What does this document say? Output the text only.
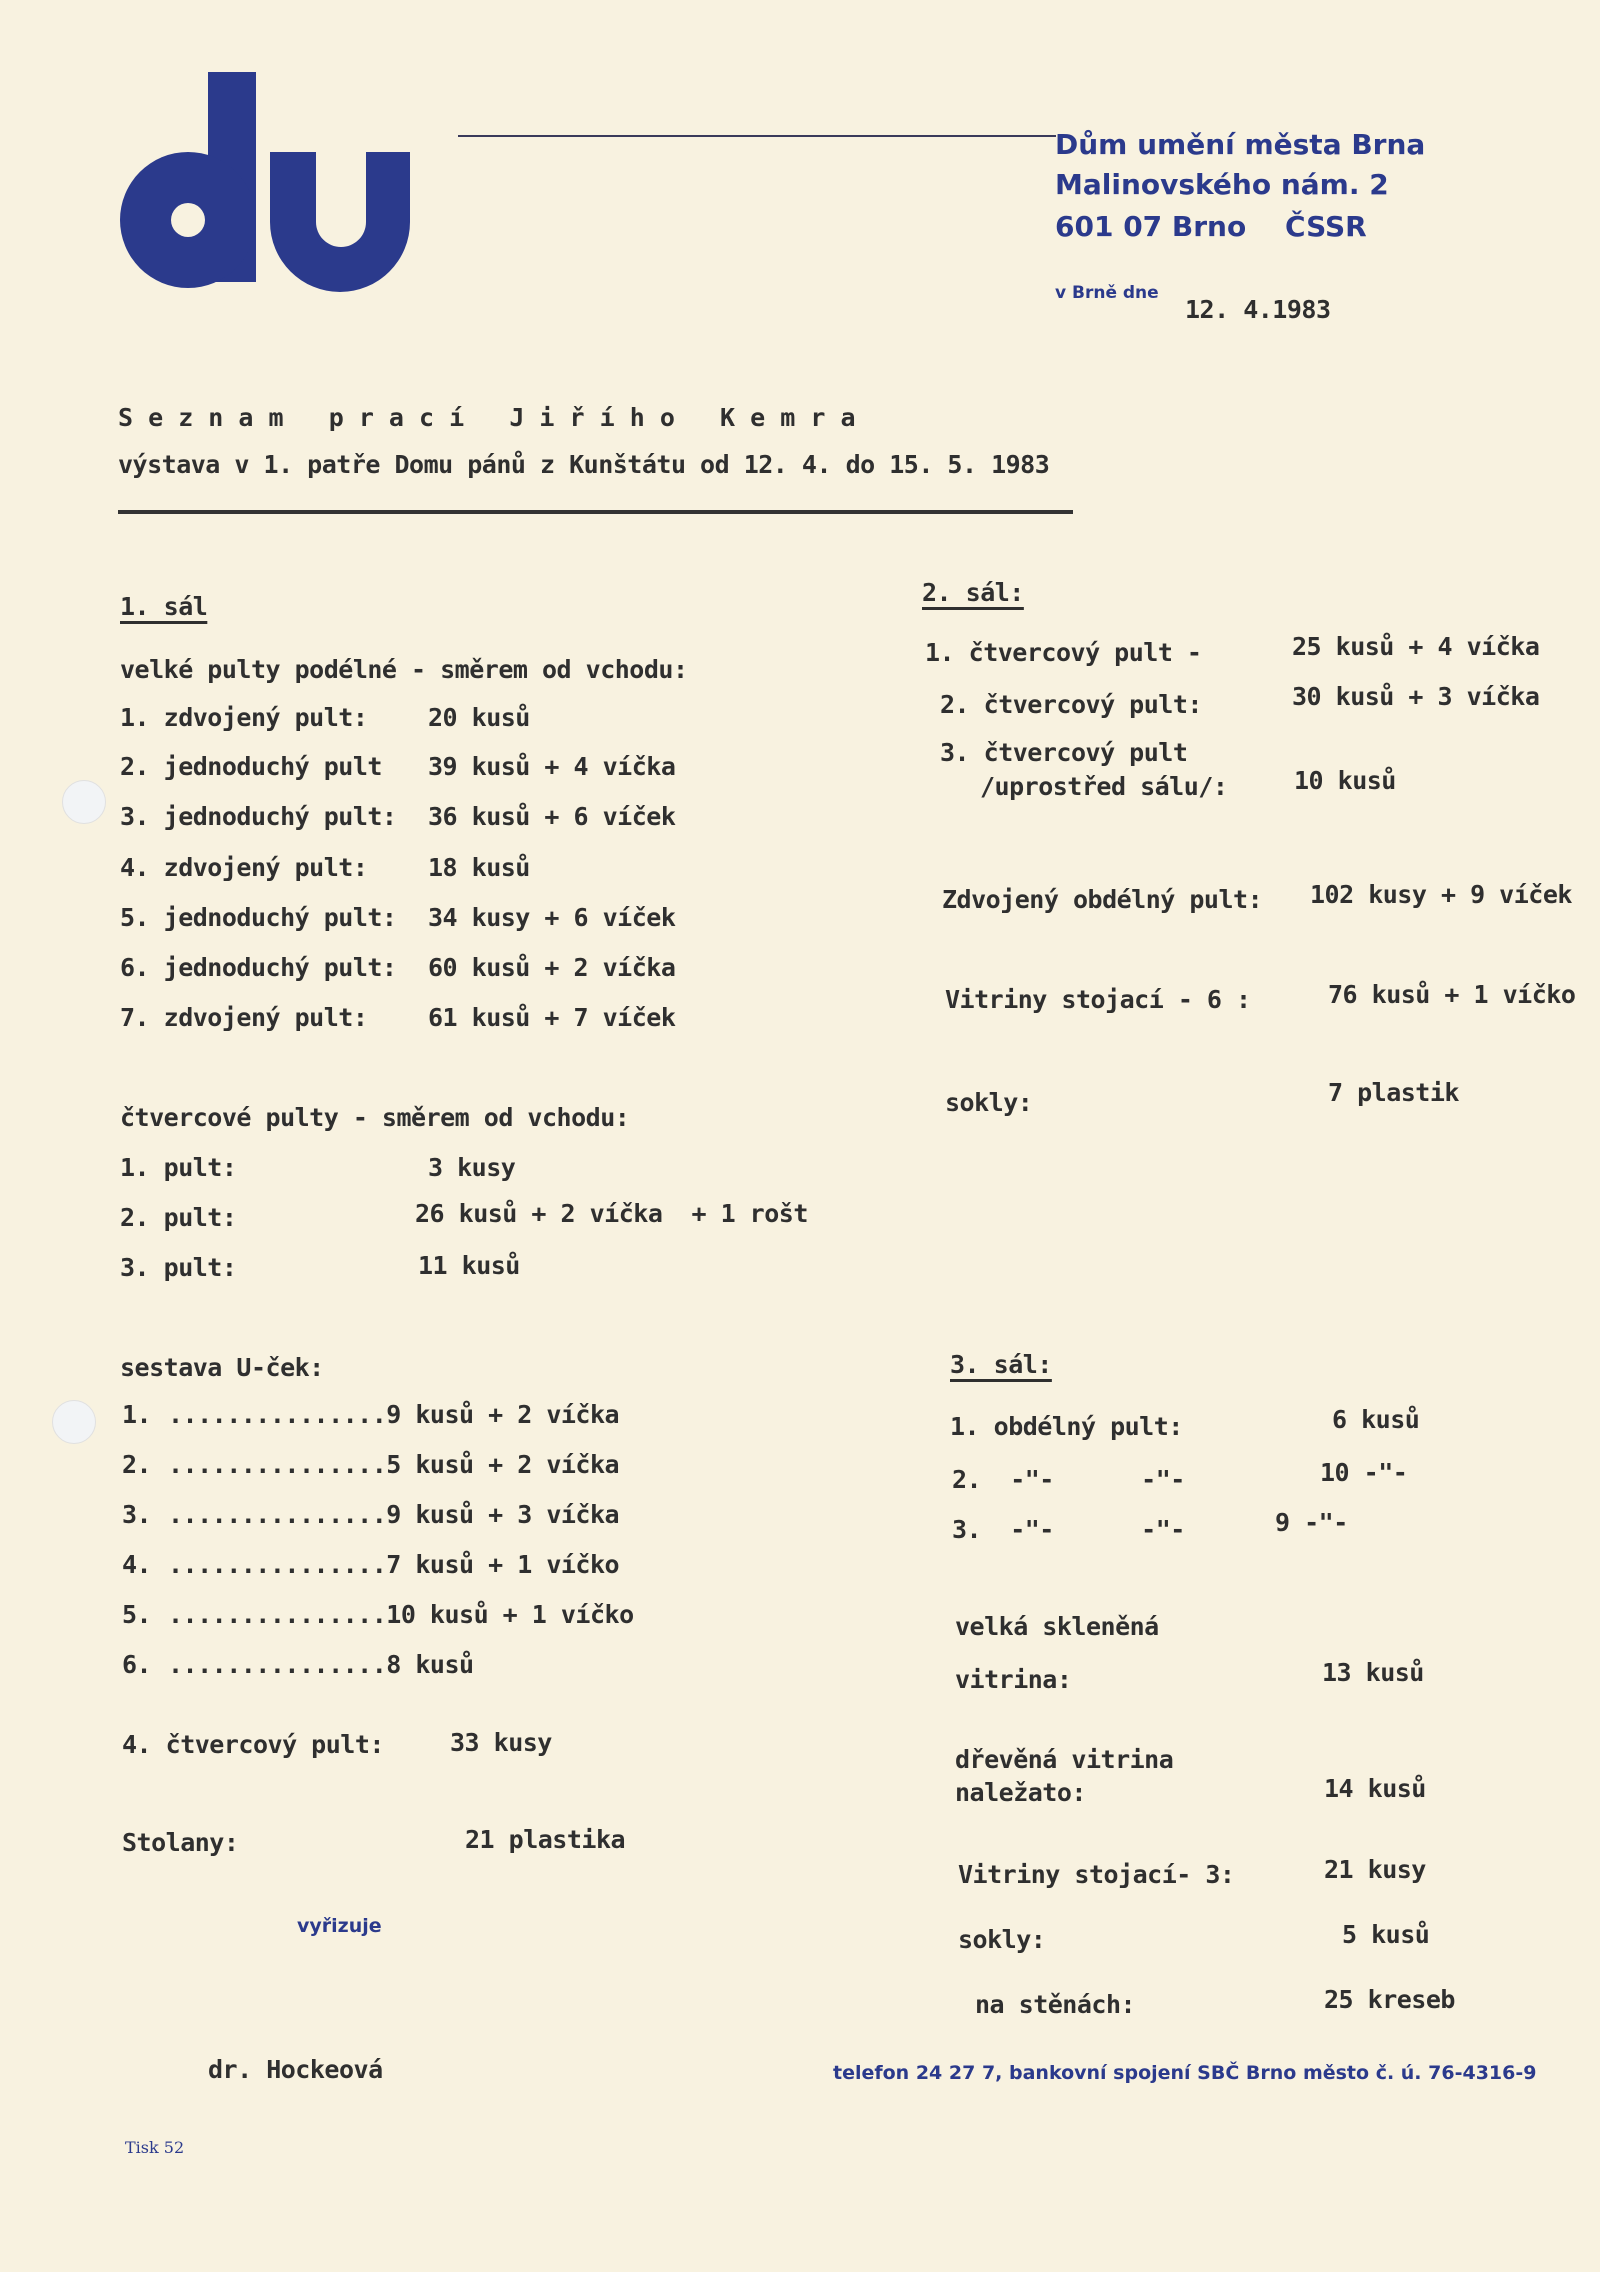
Dům umění města Brna
Malinovského nám. 2
601 07 Brno ČSSR
v Brně dne
12. 4.1983
S e z n a m   p r a c í   J i ř í h o   K e m r a
výstava v 1. patře Domu pánů z Kunštátu od 12. 4. do 15. 5. 1983
1. sál
velké pulty podélné - směrem od vchodu:
1. zdvojený pult: 20 kusů
2. jednoduchý pult 39 kusů + 4 víčka
3. jednoduchý pult: 36 kusů + 6 víček
4. zdvojený pult: 18 kusů
5. jednoduchý pult: 34 kusy + 6 víček
6. jednoduchý pult: 60 kusů + 2 víčka
7. zdvojený pult: 61 kusů + 7 víček
čtvercové pulty - směrem od vchodu:
1. pult:	3 kusy
2. pult:	26 kusů + 2 víčka  + 1 rošt
3. pult:	11 kusů
sestava U-ček:
1. ...............9 kusů + 2 víčka
2. ...............5 kusů + 2 víčka
3. ...............9 kusů + 3 víčka
4. ...............7 kusů + 1 víčko
5. ...............10 kusů + 1 víčko
6. ...............8 kusů
4. čtvercový pult:	33 kusy
Stolany:	21 plastika
vyřizuje
dr. Hockeová
Tisk 52
2. sál:
1. čtvercový pult -	25 kusů + 4 víčka
2. čtvercový pult:	30 kusů + 3 víčka
3. čtvercový pult
/uprostřed sálu/:	10 kusů
Zdvojený obdélný pult: 102 kusy + 9 víček
Vitriny stojací - 6 :	76 kusů + 1 víčko
sokly:	7 plastik
3. sál:
1. obdélný pult:	6 kusů
2.  -"-      -"-	10 -"-
3.  -"-      -"-	9 -"-
velká skleněná
vitrina:	13 kusů
dřevěná vitrina
naležato:	14 kusů
Vitriny stojací- 3:	21 kusy
sokly:	5 kusů
na stěnách:	25 kreseb
telefon 24 27 7, bankovní spojení SBČ Brno město č. ú. 76-4316-9
